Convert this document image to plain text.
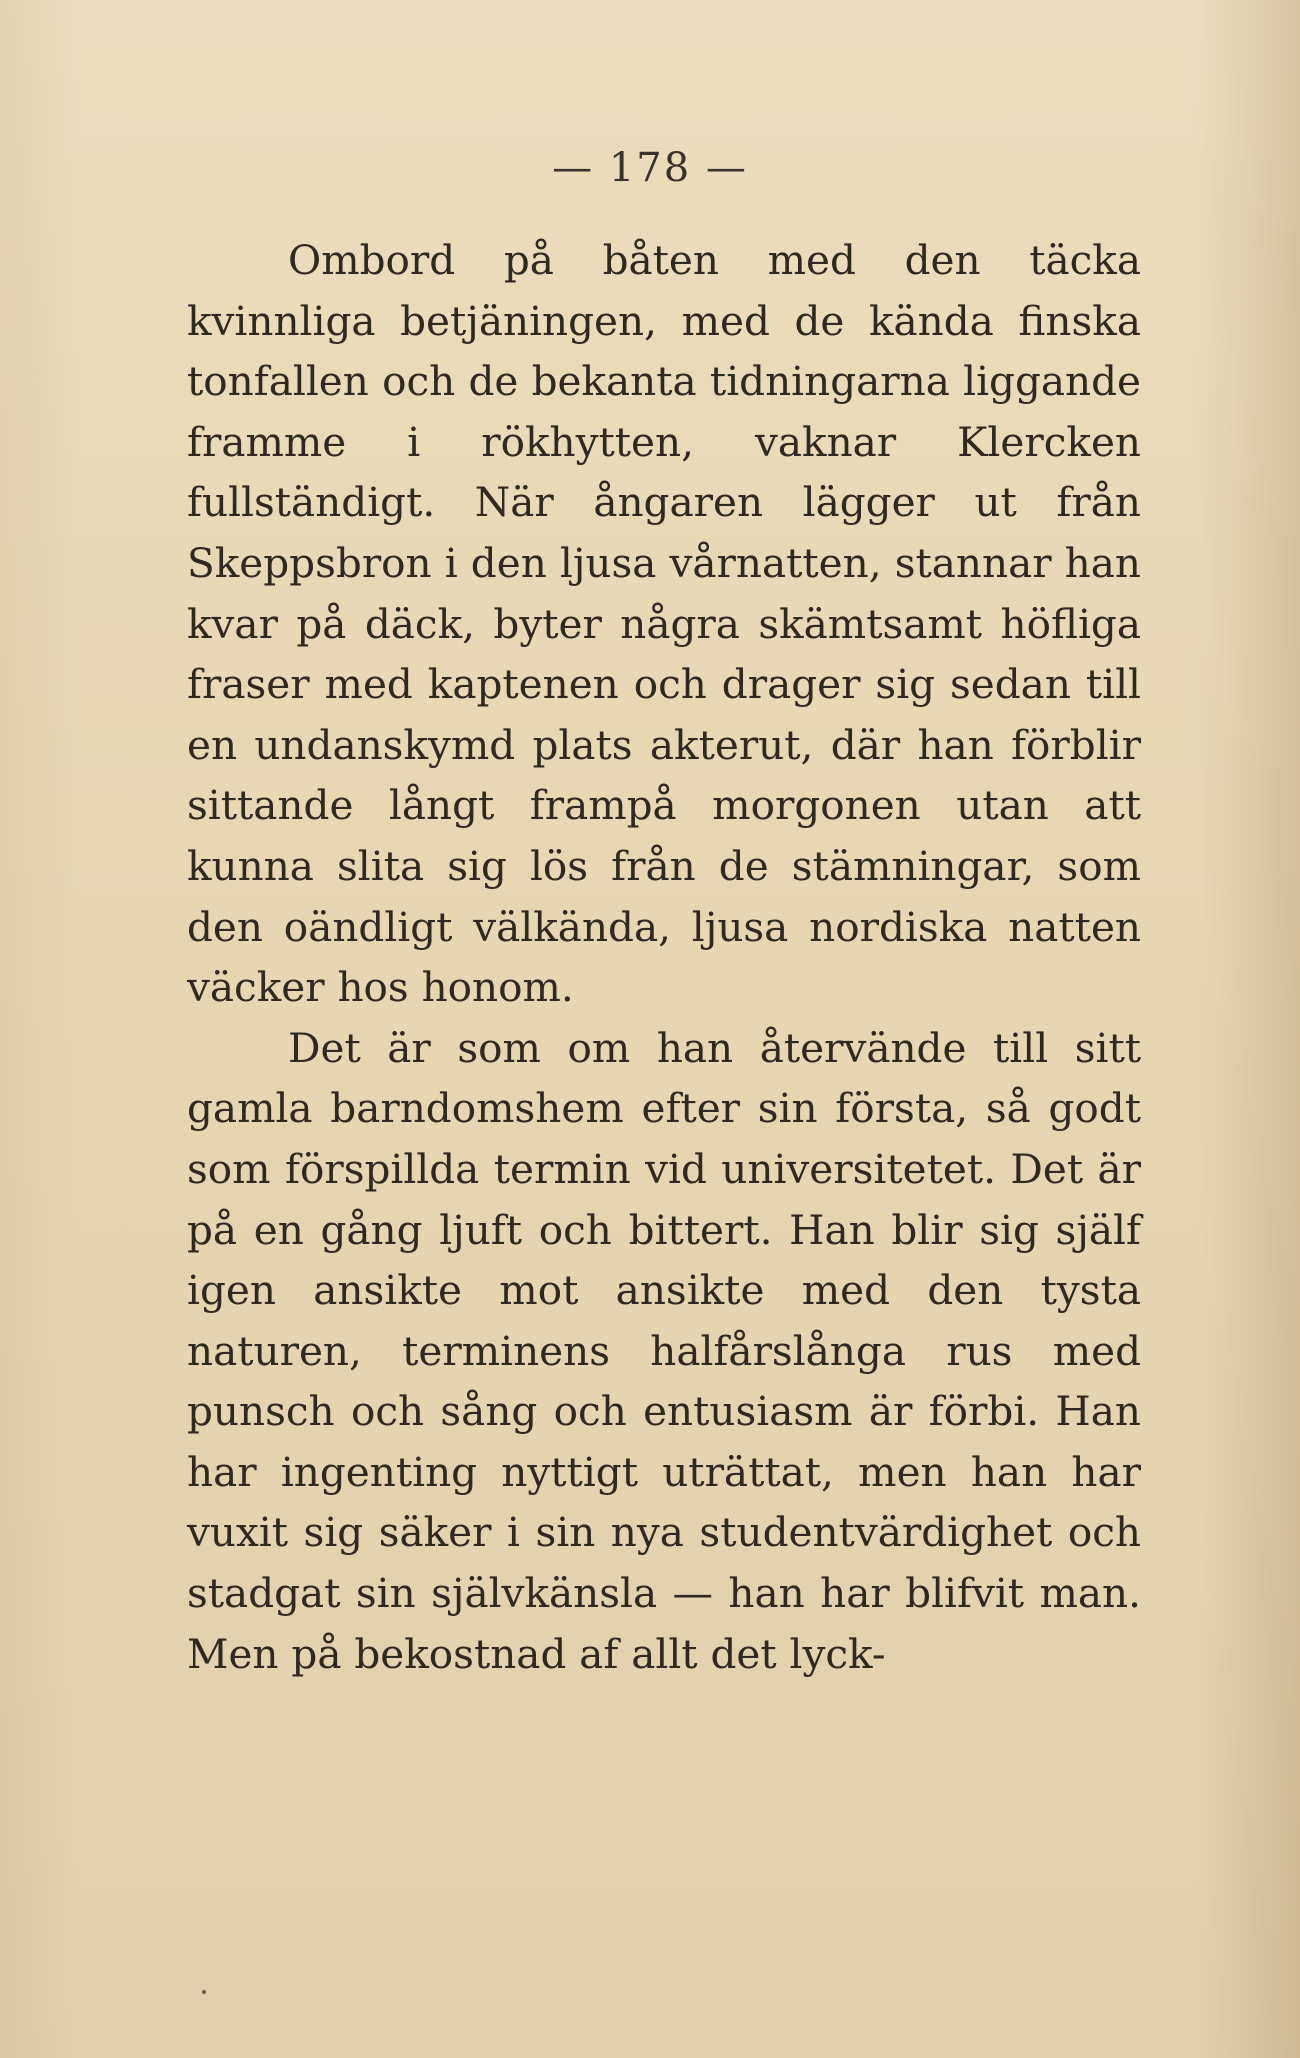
— 178 —

Ombord på båten med den täcka kvinnliga betjäningen, med de kända finska tonfallen och de bekanta tidningarna liggande framme i rökhytten, vaknar Klercken fullständigt. När ångaren lägger ut från Skeppsbron i den ljusa vårnatten, stannar han kvar på däck, byter några skämtsamt höfliga fraser med kaptenen och drager sig sedan till en undanskymd plats akterut, där han förblir sittande långt frampå morgonen utan att kunna slita sig lös från de stämningar, som den oändligt välkända, ljusa nordiska natten väcker hos honom.

Det är som om han återvände till sitt gamla barndomshem efter sin första, så godt som förspillda termin vid universitetet. Det är på en gång ljuft och bittert. Han blir sig själf igen ansikte mot ansikte med den tysta naturen, terminens halfårslånga rus med punsch och sång och entusiasm är förbi. Han har ingenting nyttigt uträttat, men han har vuxit sig säker i sin nya studentvärdighet och stadgat sin självkänsla — han har blifvit man. Men på bekostnad af allt det lyck-
